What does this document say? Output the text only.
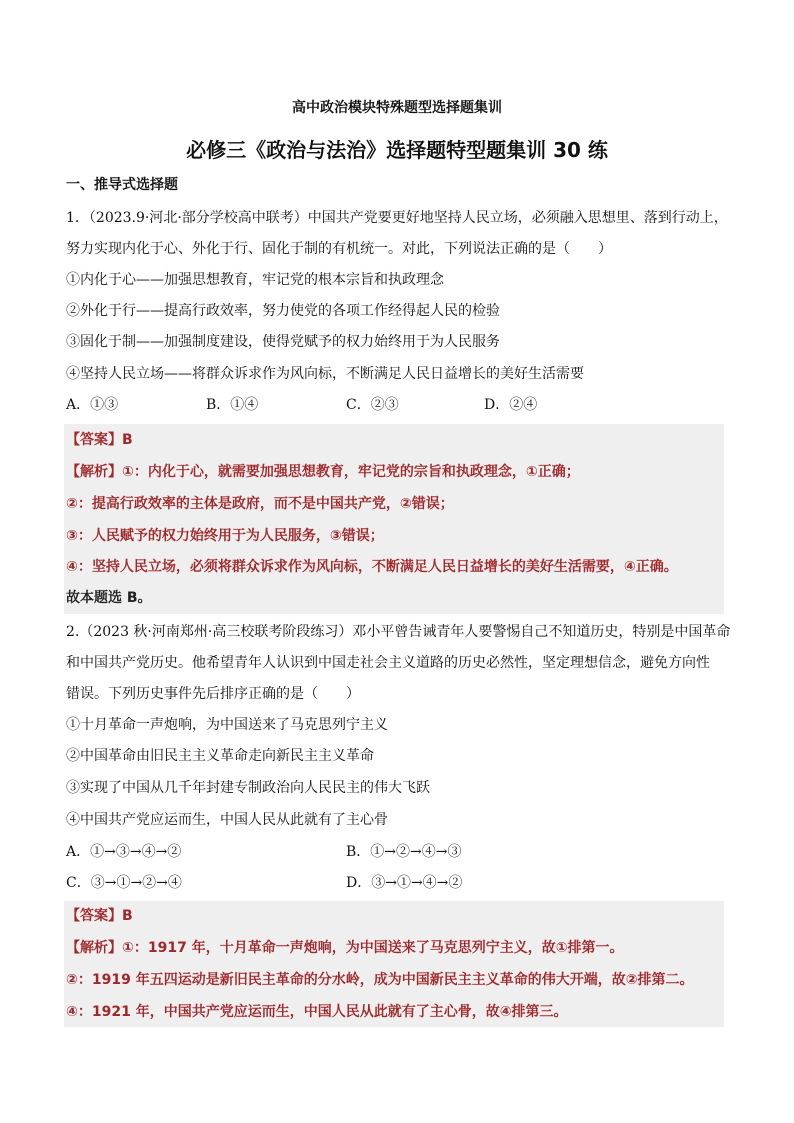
高中政治模块特殊题型选择题集训
必修三《政治与法治》选择题特型题集训 30 练
一、推导式选择题
1．（2023.9·河北·部分学校高中联考）中国共产党要更好地坚持人民立场，必须融入思想里、落到行动上，
努力实现内化于心、外化于行、固化于制的有机统一。对此，下列说法正确的是（　　）
①内化于心——加强思想教育，牢记党的根本宗旨和执政理念
②外化于行——提高行政效率，努力使党的各项工作经得起人民的检验
③固化于制——加强制度建设，使得党赋予的权力始终用于为人民服务
④坚持人民立场——将群众诉求作为风向标，不断满足人民日益增长的美好生活需要
A．①③	B．①④	C．②③	D．②④
【答案】B
【解析】①：内化于心，就需要加强思想教育，牢记党的宗旨和执政理念，①正确；
②：提高行政效率的主体是政府，而不是中国共产党，②错误；
③：人民赋予的权力始终用于为人民服务，③错误；
④：坚持人民立场，必须将群众诉求作为风向标，不断满足人民日益增长的美好生活需要，④正确。
故本题选 B。
2.（2023 秋·河南郑州·高三校联考阶段练习）邓小平曾告诫青年人要警惕自己不知道历史，特别是中国革命
和中国共产党历史。他希望青年人认识到中国走社会主义道路的历史必然性，坚定理想信念，避免方向性
错误。下列历史事件先后排序正确的是（　　）
①十月革命一声炮响，为中国送来了马克思列宁主义
②中国革命由旧民主主义革命走向新民主主义革命
③实现了中国从几千年封建专制政治向人民民主的伟大飞跃
④中国共产党应运而生，中国人民从此就有了主心骨
A．①→③→④→②	B．①→②→④→③
C．③→①→②→④	D．③→①→④→②
【答案】B
【解析】①：1917 年，十月革命一声炮响，为中国送来了马克思列宁主义，故①排第一。
②：1919 年五四运动是新旧民主革命的分水岭，成为中国新民主主义革命的伟大开端，故②排第二。
④：1921 年，中国共产党应运而生，中国人民从此就有了主心骨，故④排第三。
